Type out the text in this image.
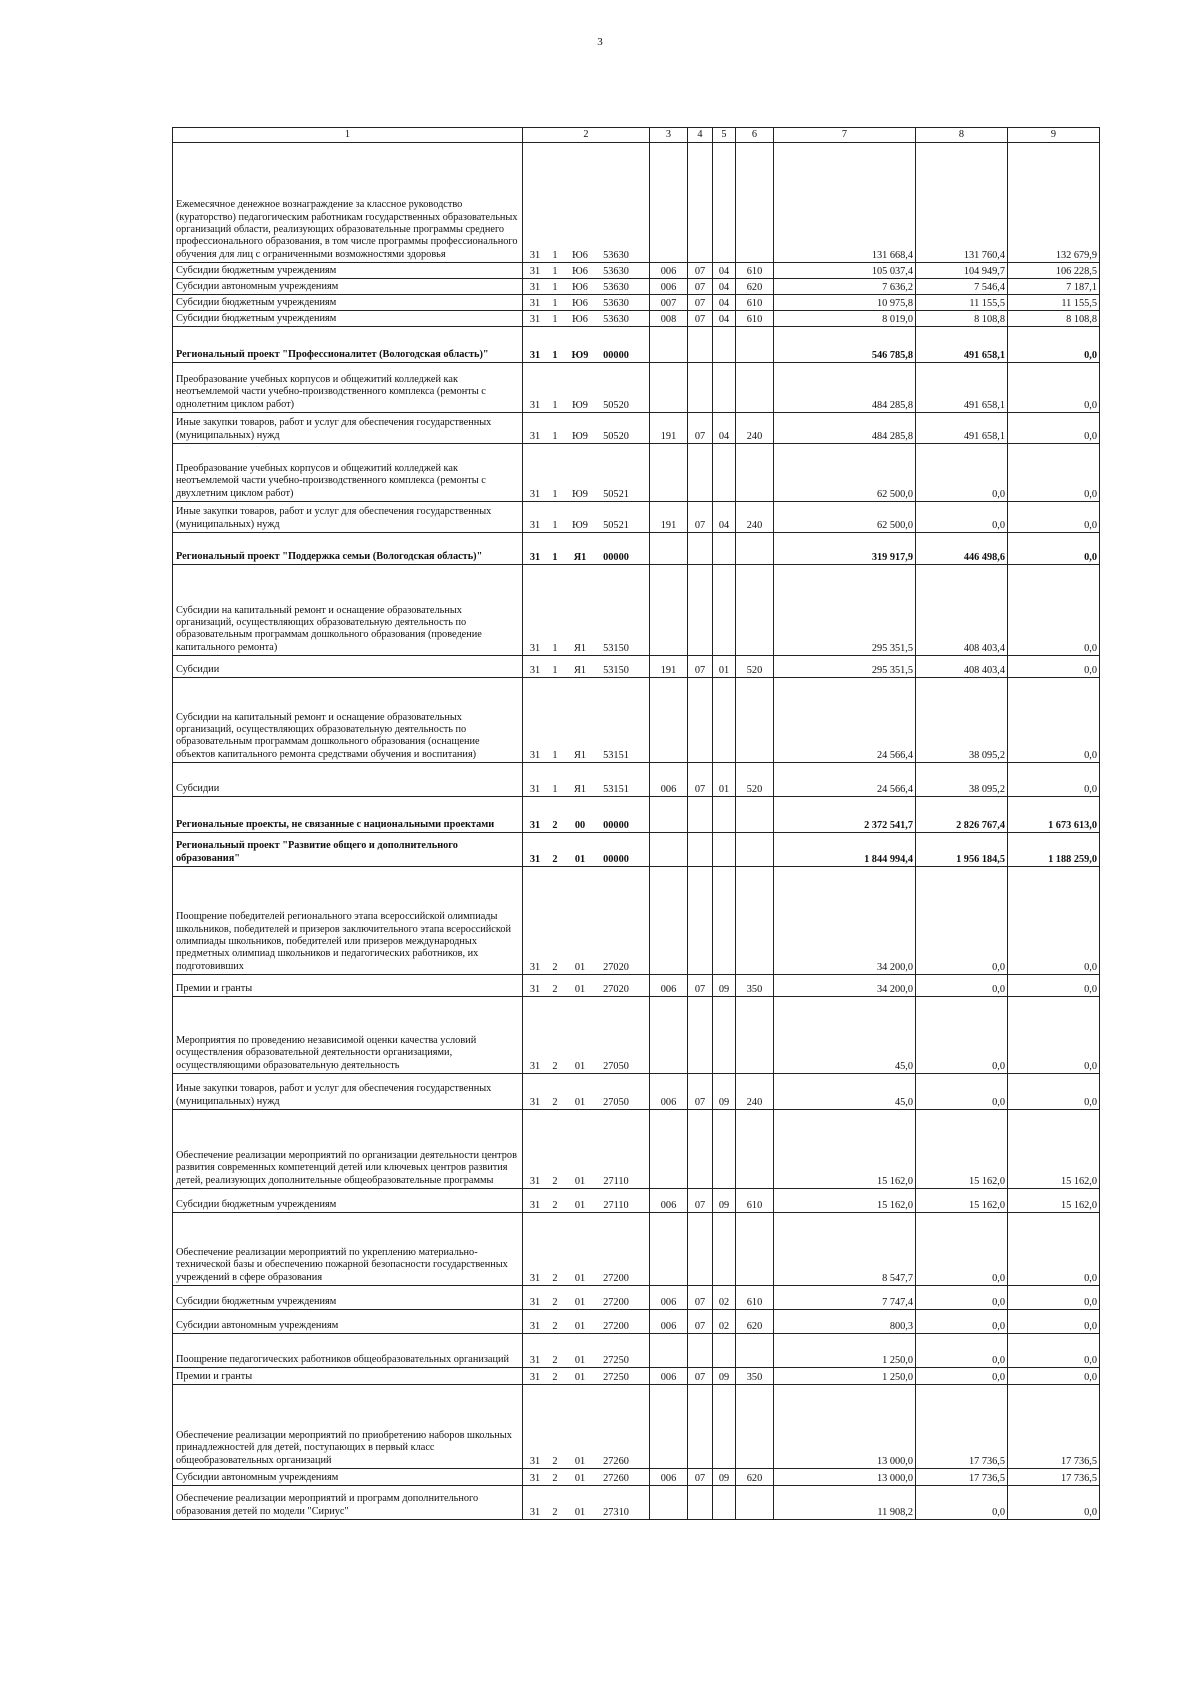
3
1	2	3	4	5	6	7	8	9
Ежемесячное денежное вознаграждение за классное руководство (кураторство) педагогическим работникам государственных образовательных организаций области, реализующих образовательные программы среднего профессионального образования, в том числе программы профессионального обучения для лиц с ограниченными возможностями здоровья	31 1 Ю6 53630					131 668,4	131 760,4	132 679,9
Субсидии бюджетным учреждениям	31 1 Ю6 53630	006	07	04	610	105 037,4	104 949,7	106 228,5
Субсидии автономным учреждениям	31 1 Ю6 53630	006	07	04	620	7 636,2	7 546,4	7 187,1
Субсидии бюджетным учреждениям	31 1 Ю6 53630	007	07	04	610	10 975,8	11 155,5	11 155,5
Субсидии бюджетным учреждениям	31 1 Ю6 53630	008	07	04	610	8 019,0	8 108,8	8 108,8
Региональный проект "Профессионалитет (Вологодская область)"	31 1 Ю9 00000					546 785,8	491 658,1	0,0
Преобразование учебных корпусов и общежитий колледжей как неотъемлемой части учебно-производственного комплекса (ремонты с однолетним циклом работ)	31 1 Ю9 50520					484 285,8	491 658,1	0,0
Иные закупки товаров, работ и услуг для обеспечения государственных (муниципальных) нужд	31 1 Ю9 50520	191	07	04	240	484 285,8	491 658,1	0,0
Преобразование учебных корпусов и общежитий колледжей как неотъемлемой части учебно-производственного комплекса (ремонты с двухлетним циклом работ)	31 1 Ю9 50521					62 500,0	0,0	0,0
Иные закупки товаров, работ и услуг для обеспечения государственных (муниципальных) нужд	31 1 Ю9 50521	191	07	04	240	62 500,0	0,0	0,0
Региональный проект "Поддержка семьи (Вологодская область)"	31 1 Я1 00000					319 917,9	446 498,6	0,0
Субсидии на капитальный ремонт и оснащение образовательных организаций, осуществляющих образовательную деятельность по образовательным программам дошкольного образования (проведение капитального ремонта)	31 1 Я1 53150					295 351,5	408 403,4	0,0
Субсидии	31 1 Я1 53150	191	07	01	520	295 351,5	408 403,4	0,0
Субсидии на капитальный ремонт и оснащение образовательных организаций, осуществляющих образовательную деятельность по образовательным программам дошкольного образования (оснащение объектов капитального ремонта средствами обучения и воспитания)	31 1 Я1 53151					24 566,4	38 095,2	0,0
Субсидии	31 1 Я1 53151	006	07	01	520	24 566,4	38 095,2	0,0
Региональные проекты, не связанные с национальными проектами	31 2 00 00000					2 372 541,7	2 826 767,4	1 673 613,0
Региональный проект "Развитие общего и дополнительного образования"	31 2 01 00000					1 844 994,4	1 956 184,5	1 188 259,0
Поощрение победителей регионального этапа всероссийской олимпиады школьников, победителей и призеров заключительного этапа всероссийской олимпиады школьников, победителей или призеров международных предметных олимпиад школьников и педагогических работников, их подготовивших	31 2 01 27020					34 200,0	0,0	0,0
Премии и гранты	31 2 01 27020	006	07	09	350	34 200,0	0,0	0,0
Мероприятия по проведению независимой оценки качества условий осуществления образовательной деятельности организациями, осуществляющими образовательную деятельность	31 2 01 27050					45,0	0,0	0,0
Иные закупки товаров, работ и услуг для обеспечения государственных (муниципальных) нужд	31 2 01 27050	006	07	09	240	45,0	0,0	0,0
Обеспечение реализации мероприятий по организации деятельности центров развития современных компетенций детей или ключевых центров развития детей, реализующих дополнительные общеобразовательные программы	31 2 01 27110					15 162,0	15 162,0	15 162,0
Субсидии бюджетным учреждениям	31 2 01 27110	006	07	09	610	15 162,0	15 162,0	15 162,0
Обеспечение реализации мероприятий по укреплению материально-технической базы и обеспечению пожарной безопасности государственных учреждений в сфере образования	31 2 01 27200					8 547,7	0,0	0,0
Субсидии бюджетным учреждениям	31 2 01 27200	006	07	02	610	7 747,4	0,0	0,0
Субсидии автономным учреждениям	31 2 01 27200	006	07	02	620	800,3	0,0	0,0
Поощрение педагогических работников общеобразовательных организаций	31 2 01 27250					1 250,0	0,0	0,0
Премии и гранты	31 2 01 27250	006	07	09	350	1 250,0	0,0	0,0
Обеспечение реализации мероприятий по приобретению наборов школьных принадлежностей для детей, поступающих в первый класс общеобразовательных организаций	31 2 01 27260					13 000,0	17 736,5	17 736,5
Субсидии автономным учреждениям	31 2 01 27260	006	07	09	620	13 000,0	17 736,5	17 736,5
Обеспечение реализации мероприятий и программ дополнительного образования детей по модели "Сириус"	31 2 01 27310					11 908,2	0,0	0,0
